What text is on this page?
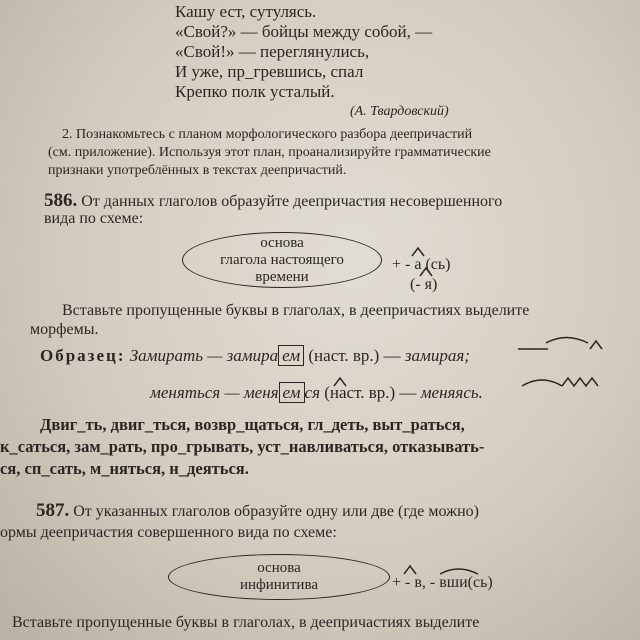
Кашу ест, сутулясь.
«Свой?» — бойцы между собой, —
«Свой!» — переглянулись,
И уже, пр_гревшись, спал
Крепко полк усталый.
(А. Твардовский)
2. Познакомьтесь с планом морфологического разбора деепричастий
(см. приложение). Используя этот план, проанализируйте грамматические
признаки употреблённых в текстах деепричастий.
586. От данных глаголов образуйте деепричастия несовершенного
вида по схеме:
основа
глагола настоящего
времени
+ - а (сь)
(- я)
Вставьте пропущенные буквы в глаголах, в деепричастиях выделите
морфемы.
Образец: Замирать — замира ем (наст. вр.) — замирая;
меняться — меня ем ся (наст. вр.) — меняясь.
Двиг_ть, двиг_ться, возвр_щаться, гл_деть, выт_раться,
к_саться, зам_рать, про_грывать, уст_навливаться, отказывать-
ся, сп_сать, м_няться, н_деяться.
587. От указанных глаголов образуйте одну или две (где можно)
ормы деепричастия совершенного вида по схеме:
основа
инфинитива	+ - в, - вши(сь)
Вставьте пропущенные буквы в глаголах, в деепричастиях выделите
